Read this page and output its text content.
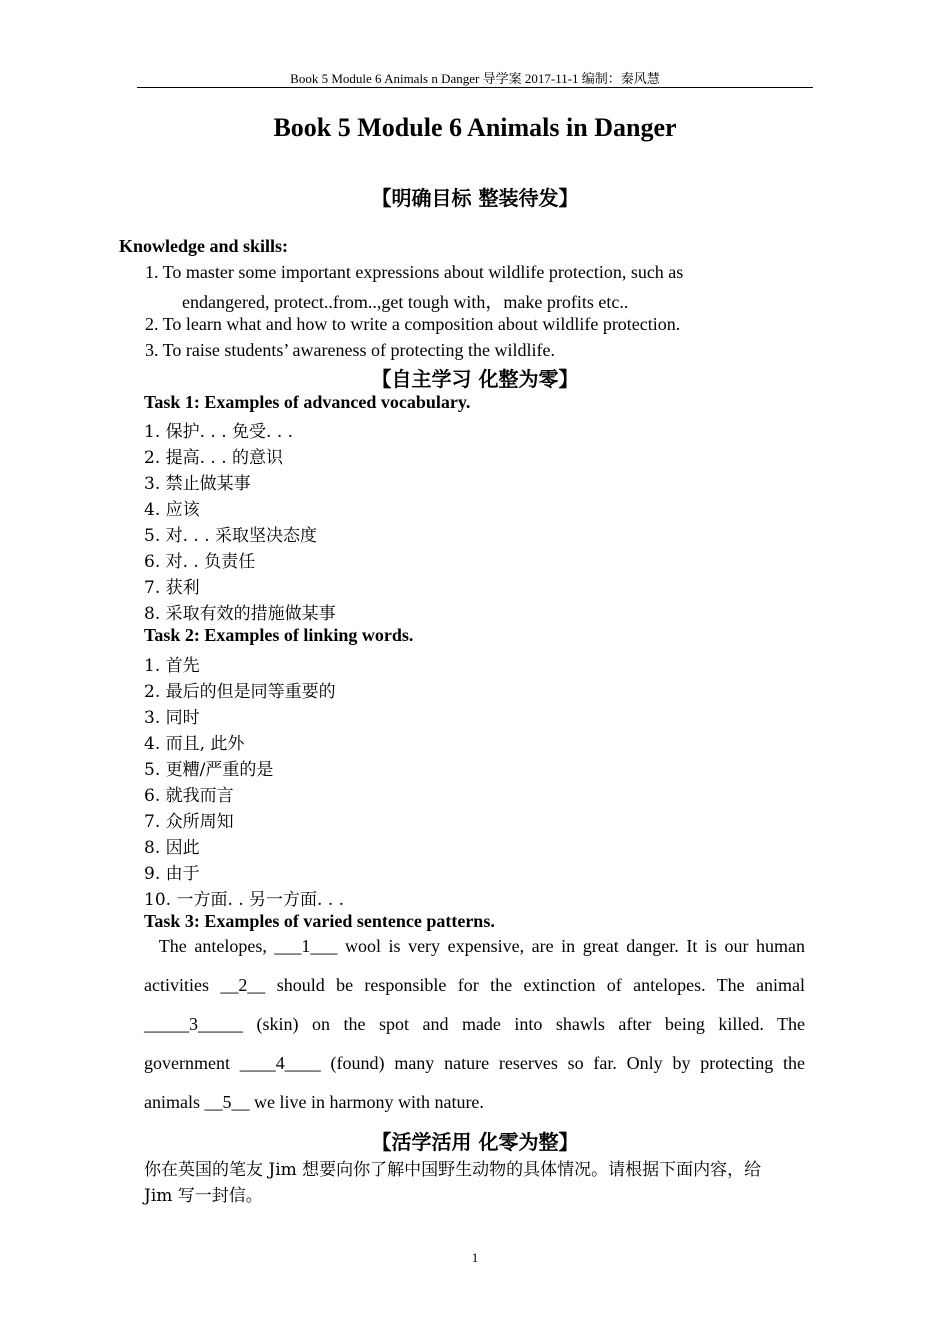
Book 5 Module 6 Animals n Danger 导学案 2017-11-1 编制：秦风慧
Book 5 Module 6 Animals in Danger
【明确目标 整装待发】
Knowledge and skills:
1. To master some important expressions about wildlife protection, such as
endangered, protect..from..,get tough with，make profits etc..
2. To learn what and how to write a composition about wildlife protection.
3. To raise students’ awareness of protecting the wildlife.
【自主学习 化整为零】
Task 1: Examples of advanced vocabulary.
1. 保护. . . 免受. . .
2. 提高. . . 的意识
3. 禁止做某事
4. 应该
5. 对. . . 采取坚决态度
6. 对. . 负责任
7. 获利
8. 采取有效的措施做某事
Task 2: Examples of linking words.
1. 首先
2. 最后的但是同等重要的
3. 同时
4. 而且, 此外
5. 更糟/严重的是
6. 就我而言
7. 众所周知
8. 因此
9. 由于
10. 一方面. . 另一方面. . .
Task 3: Examples of varied sentence patterns.
The antelopes, ___1___ wool is very expensive, are in great danger. It is our human
activities __2__ should be responsible for the extinction of antelopes. The animal
_____3_____ (skin) on the spot and made into shawls after being killed. The
government ____4____ (found) many nature reserves so far. Only by protecting the
animals __5__ we live in harmony with nature.
【活学活用 化零为整】
你在英国的笔友 Jim 想要向你了解中国野生动物的具体情况。请根据下面内容，给
Jim 写一封信。
1
